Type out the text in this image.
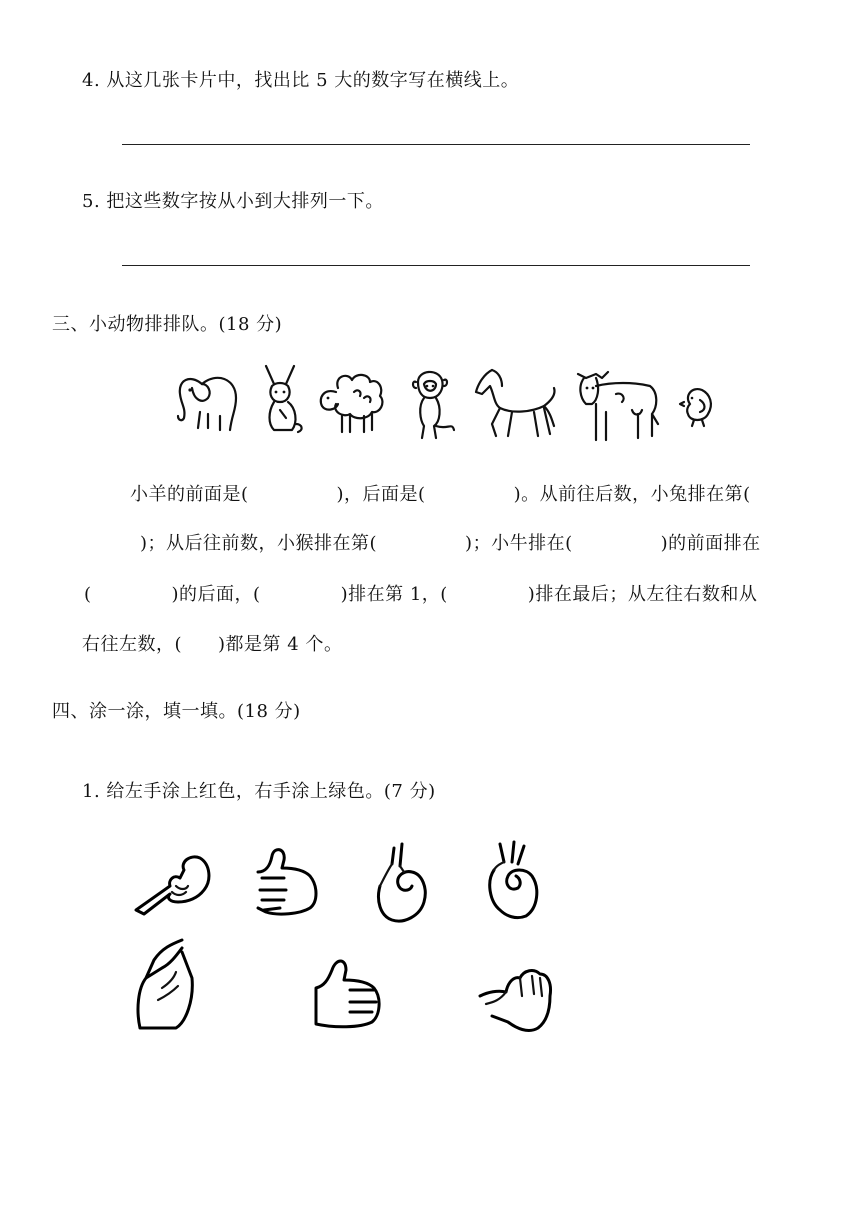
4. 从这几张卡片中，找出比 5 大的数字写在横线上。
5. 把这些数字按从小到大排列一下。
三、小动物排排队。(18 分)
小羊的前面是(	)，后面是(	)。从前往后数，小兔排在第(
)；从后往前数，小猴排在第(	)；小牛排在(	)的前面排在
(	)的后面，(	)排在第 1，(	)排在最后；从左往右数和从
右往左数，( )都是第 4 个。
四、涂一涂，填一填。(18 分)
1. 给左手涂上红色，右手涂上绿色。(7 分)
